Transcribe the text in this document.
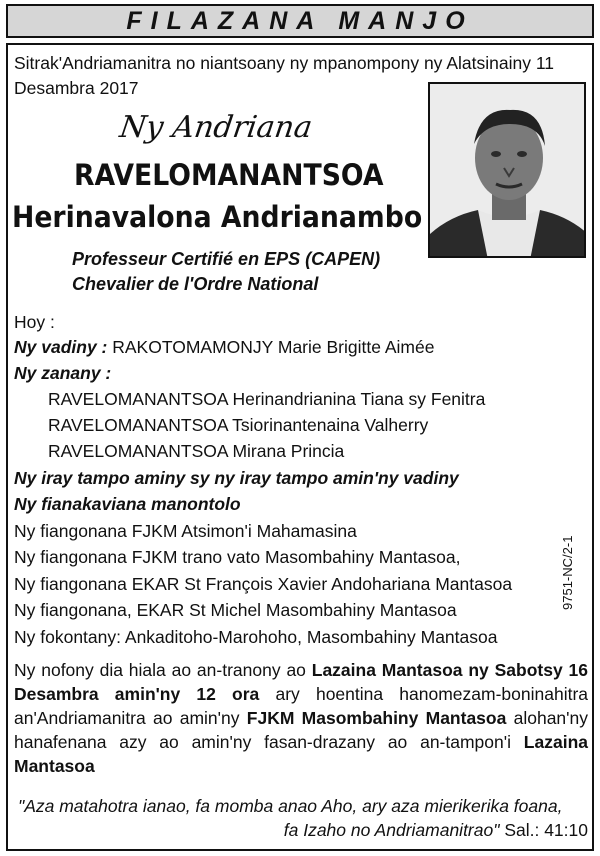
FILAZANA MANJO
Sitrak'Andriamanitra no niantsoany ny mpanompony ny Alatsinainy 11
Desambra 2017
Ny Andriana
RAVELOMANANTSOA
Herinavalona Andrianambo
Professeur Certifié en EPS (CAPEN)
Chevalier de l'Ordre National
Hoy :
Ny vadiny : RAKOTOMAMONJY Marie Brigitte Aimée
Ny zanany :
RAVELOMANANTSOA Herinandrianina Tiana sy Fenitra
RAVELOMANANTSOA Tsiorinantenaina Valherry
RAVELOMANANTSOA Mirana Princia
Ny iray tampo aminy sy ny iray tampo amin'ny vadiny
Ny fianakaviana manontolo
Ny fiangonana FJKM Atsimon'i Mahamasina
Ny fiangonana FJKM trano vato Masombahiny Mantasoa,
Ny fiangonana EKAR St François Xavier Andohariana Mantasoa
Ny fiangonana, EKAR St Michel Masombahiny Mantasoa
Ny fokontany: Ankaditoho-Marohoho, Masombahiny Mantasoa
9751-NC/2-1
Ny nofony dia hiala ao an-tranony ao Lazaina Mantasoa ny Sabotsy 16 Desambra amin'ny 12 ora ary hoentina hanomezam-boninahitra an'Andriamanitra ao amin'ny FJKM Masombahiny Mantasoa alohan'ny hanafenana azy ao amin'ny fasan-drazany ao an-tampon'i Lazaina Mantasoa
"Aza matahotra ianao, fa momba anao Aho, ary aza mierikerika foana,
fa Izaho no Andriamanitrao" Sal.: 41:10
